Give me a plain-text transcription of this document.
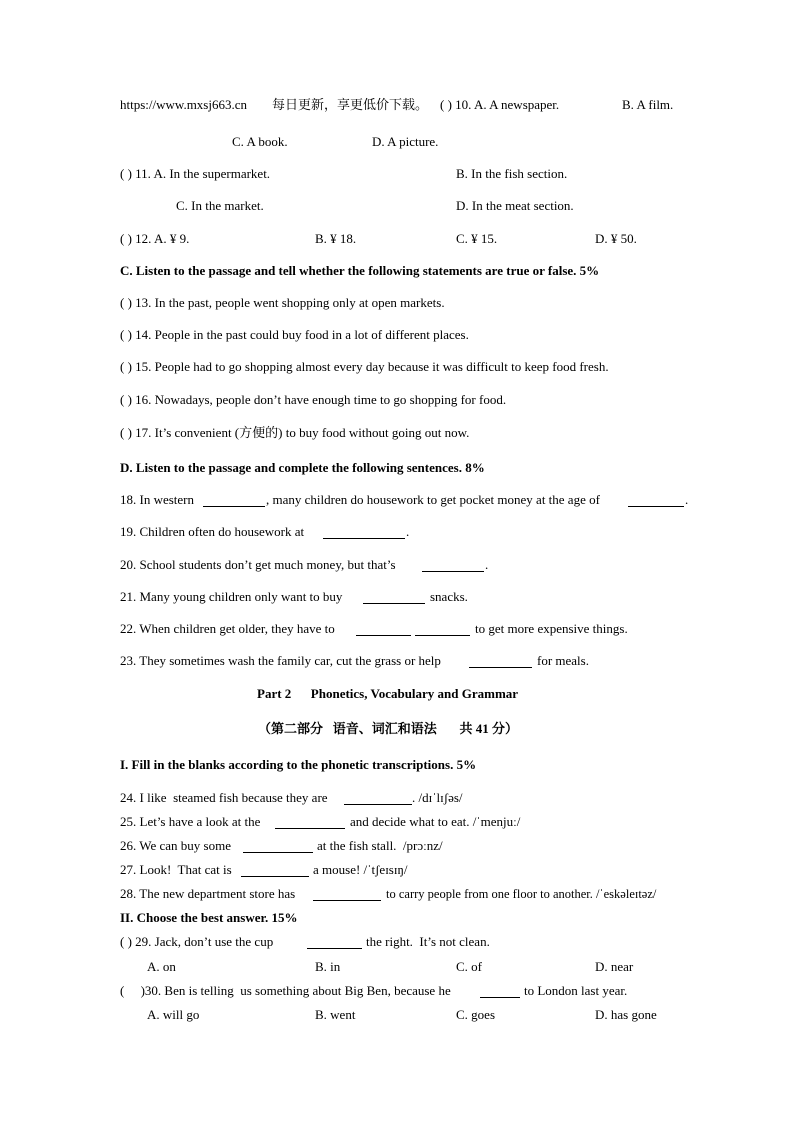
https://www.mxsj663.cn 每日更新，享更低价下载。 ( ) 10. A. A newspaper.	B. A film.
C. A book.	D. A picture.
( ) 11. A. In the supermarket.	B. In the fish section.
C. In the market.	D. In the meat section.
( ) 12. A. ¥ 9.	B. ¥ 18.	C. ¥ 15.	D. ¥ 50.
C. Listen to the passage and tell whether the following statements are true or false. 5%
( ) 13. In the past, people went shopping only at open markets.
( ) 14. People in the past could buy food in a lot of different places.
( ) 15. People had to go shopping almost every day because it was difficult to keep food fresh.
( ) 16. Nowadays, people don’t have enough time to go shopping for food.
( ) 17. It’s convenient (方便的) to buy food without going out now.
D. Listen to the passage and complete the following sentences. 8%
18. In western	, many children do housework to get pocket money at the age of	.
19. Children often do housework at	.
20. School students don’t get much money, but that’s	.
21. Many young children only want to buy	snacks.
22. When children get older, they have to	to get more expensive things.
23. They sometimes wash the family car, cut the grass or help	for meals.
Part 2      Phonetics, Vocabulary and Grammar
（第二部分   语音、词汇和语法       共 41 分）
I. Fill in the blanks according to the phonetic transcriptions. 5%
24. I like  steamed fish because they are	. /dɪˈlɪʃəs/
25. Let’s have a look at the	and decide what to eat. /ˈmenjuː/
26. We can buy some	at the fish stall.  /prɔːnz/
27. Look!  That cat is	a mouse! /ˈtʃeɪsɪŋ/
28. The new department store has	to carry people from one floor to another. /ˈeskəleɪtəz/
II. Choose the best answer. 15%
( ) 29. Jack, don’t use the cup	the right.  It’s not clean.
A. on	B. in	C. of	D. near
(     )30. Ben is telling  us something about Big Ben, because he	to London last year.
A. will go	B. went	C. goes	D. has gone
